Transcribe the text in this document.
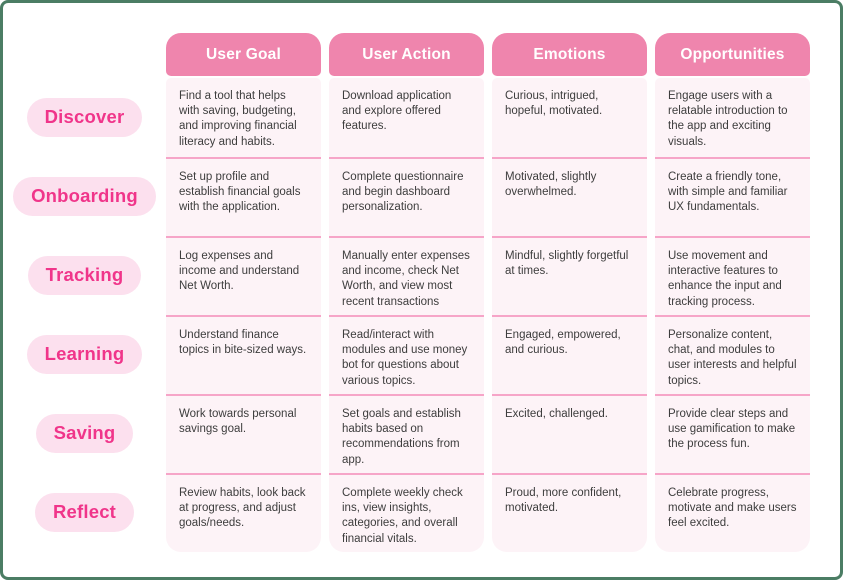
Discover
Onboarding
Tracking
Learning
Saving
Reflect
User Goal
Find a tool that helps with saving, budgeting, and improving financial literacy and habits.
Set up profile and establish financial goals with the application.
Log expenses and income and understand Net Worth.
Understand finance topics in bite-sized ways.
Work towards personal savings goal.
Review habits, look back at progress, and adjust goals/needs.
User Action
Download application and explore offered features.
Complete questionnaire and begin dashboard personalization.
Manually enter expenses and income, check Net Worth, and view most recent transactions
Read/interact with modules and use money bot for questions about various topics.
Set goals and establish habits based on recommendations from app.
Complete weekly check ins, view insights, categories, and overall financial vitals.
Emotions
Curious, intrigued, hopeful, motivated.
Motivated, slightly overwhelmed.
Mindful, slightly forgetful at times.
Engaged, empowered, and curious.
Excited, challenged.
Proud, more confident, motivated.
Opportunities
Engage users with a relatable introduction to the app and exciting visuals.
Create a friendly tone, with simple and familiar UX fundamentals.
Use movement and interactive features to enhance the input and tracking process.
Personalize content, chat, and modules to user interests and helpful topics.
Provide clear steps and use gamification to make the process fun.
Celebrate progress, motivate and make users feel excited.
